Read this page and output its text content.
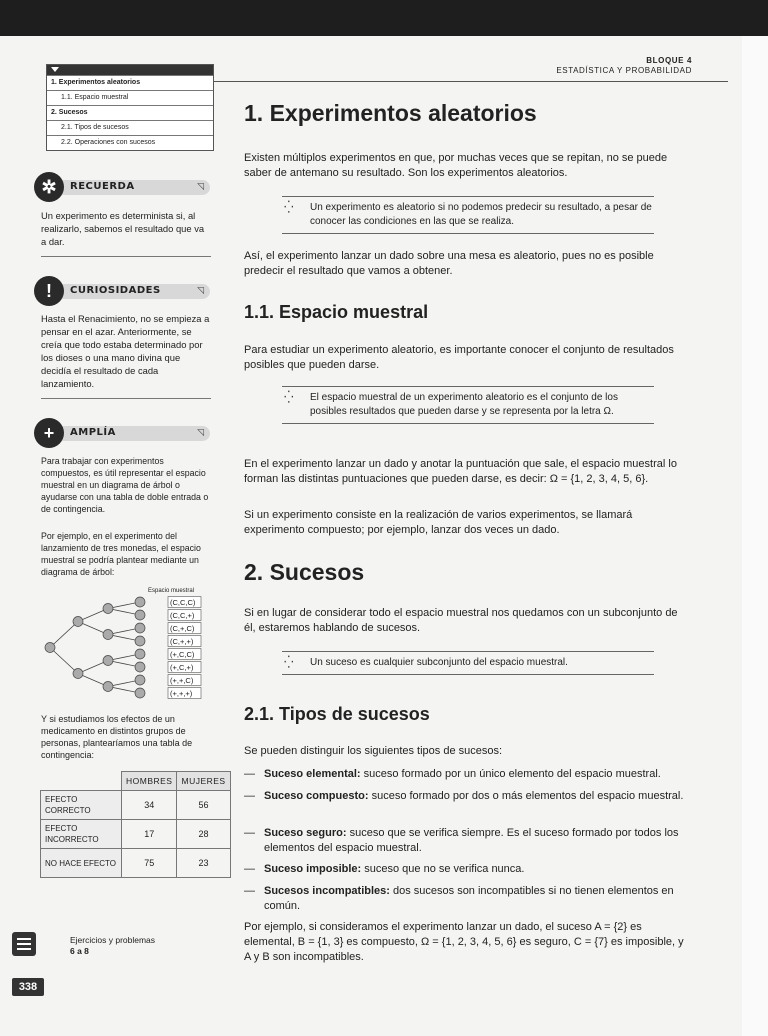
BLOQUE 4
ESTADÍSTICA Y PROBABILIDAD
1. Experimentos aleatorios
1.1. Espacio muestral
2. Sucesos
2.1. Tipos de sucesos
2.2. Operaciones con sucesos
✲	RECUERDA	◹
Un experimento es determinista si, al realizarlo, sabemos el resultado que va a dar.
!	CURIOSIDADES	◹
Hasta el Renacimiento, no se empieza a pensar en el azar. Anteriormente, se creía que todo estaba determinado por los dioses o una mano divina que decidía el resultado de cada lanzamiento.
+	AMPLÍA	◹
Para trabajar con experimentos compuestos, es útil representar el espacio muestral en un diagrama de árbol o ayudarse con una tabla de doble entrada o de contingencia.
Por ejemplo, en el experimento del lanzamiento de tres monedas, el espacio muestral se podría plantear mediante un diagrama de árbol:
Espacio muestral
(C,C,C)
(C,C,+)
(C,+,C)
(C,+,+)
(+,C,C)
(+,C,+)
(+,+,C)
(+,+,+)
Y si estudiamos los efectos de un medicamento en distintos grupos de personas, plantearíamos una tabla de contingencia:
	HOMBRES	MUJERES
EFECTO CORRECTO	34	56
EFECTO INCORRECTO	17	28
NO HACE EFECTO	75	23
Ejercicios y problemas
6 a 8
338
1. Experimentos aleatorios
Existen múltiplos experimentos en que, por muchas veces que se repitan, no se puede saber de antemano su resultado. Son los experimentos aleatorios.
⁛ Un experimento es aleatorio si no podemos predecir su resultado, a pesar de conocer las condiciones en las que se realiza.
Así, el experimento lanzar un dado sobre una mesa es aleatorio, pues no es posible predecir el resultado que vamos a obtener.
1.1. Espacio muestral
Para estudiar un experimento aleatorio, es importante conocer el conjunto de resultados posibles que pueden darse.
⁛ El espacio muestral de un experimento aleatorio es el conjunto de los posibles resultados que pueden darse y se representa por la letra Ω.
En el experimento lanzar un dado y anotar la puntuación que sale, el espacio muestral lo forman las distintas puntuaciones que pueden darse, es decir: Ω = {1, 2, 3, 4, 5, 6}.
Si un experimento consiste en la realización de varios experimentos, se llamará experimento compuesto; por ejemplo, lanzar dos veces un dado.
2. Sucesos
Si en lugar de considerar todo el espacio muestral nos quedamos con un subconjunto de él, estaremos hablando de sucesos.
⁛ Un suceso es cualquier subconjunto del espacio muestral.
2.1. Tipos de sucesos
Se pueden distinguir los siguientes tipos de sucesos:
— Suceso elemental: suceso formado por un único elemento del espacio muestral.
— Suceso compuesto: suceso formado por dos o más elementos del espacio muestral.
— Suceso seguro: suceso que se verifica siempre. Es el suceso formado por todos los elementos del espacio muestral.
— Suceso imposible: suceso que no se verifica nunca.
— Sucesos incompatibles: dos sucesos son incompatibles si no tienen elementos en común.
Por ejemplo, si consideramos el experimento lanzar un dado, el suceso A = {2} es elemental, B = {1, 3} es compuesto, Ω = {1, 2, 3, 4, 5, 6} es seguro, C = {7} es imposible, y A y B son incompatibles.
